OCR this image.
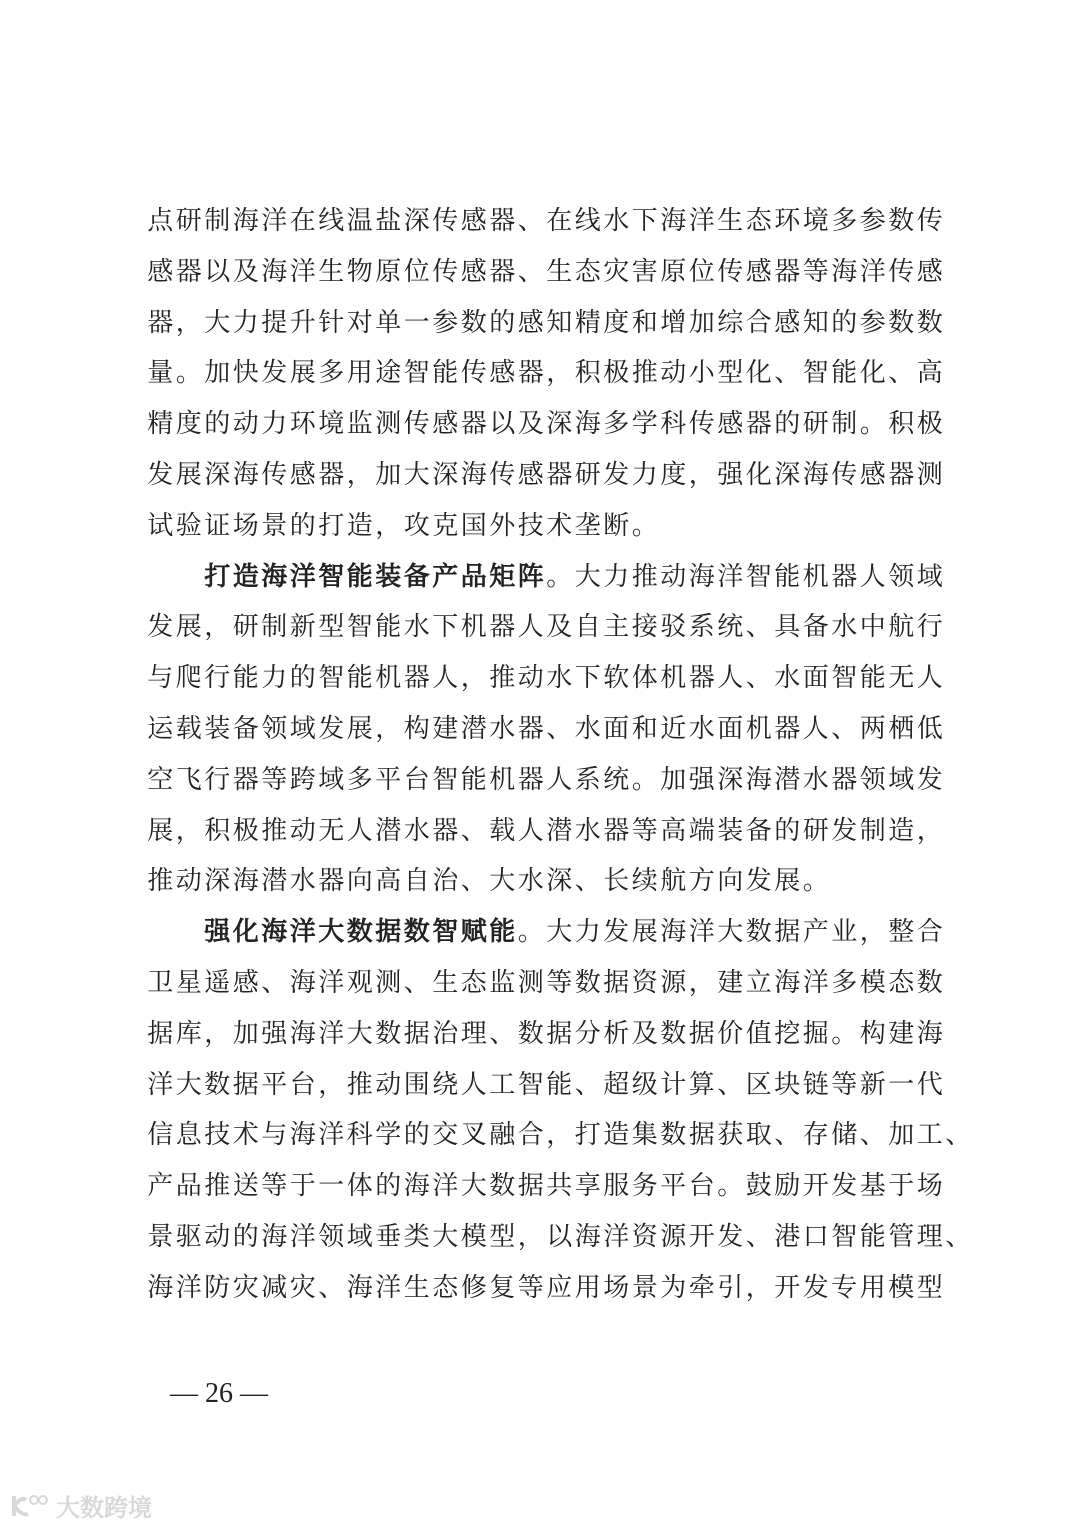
点 研 制 海 洋 在 线 温 盐 深 传 感 器 、 在 线 水 下 海 洋 生 态 环 境 多 参 数 传
感 器 以 及 海 洋 生 物 原 位 传 感 器 、 生 态 灾 害 原 位 传 感 器 等 海 洋 传 感
器 ， 大 力 提 升 针 对 单 一 参 数 的 感 知 精 度 和 增 加 综 合 感 知 的 参 数 数
量 。 加 快 发 展 多 用 途 智 能 传 感 器 ， 积 极 推 动 小 型 化 、 智 能 化 、 高
精 度 的 动 力 环 境 监 测 传 感 器 以 及 深 海 多 学 科 传 感 器 的 研 制 。 积 极
发 展 深 海 传 感 器 ， 加 大 深 海 传 感 器 研 发 力 度 ， 强 化 深 海 传 感 器 测
试 验 证 场 景 的 打 造 ， 攻 克 国 外 技 术 垄 断 。
打 造 海 洋 智 能 装 备 产 品 矩 阵 。 大 力 推 动 海 洋 智 能 机 器 人 领 域
发 展 ， 研 制 新 型 智 能 水 下 机 器 人 及 自 主 接 驳 系 统 、 具 备 水 中 航 行
与 爬 行 能 力 的 智 能 机 器 人 ， 推 动 水 下 软 体 机 器 人 、 水 面 智 能 无 人
运 载 装 备 领 域 发 展 ， 构 建 潜 水 器 、 水 面 和 近 水 面 机 器 人 、 两 栖 低
空 飞 行 器 等 跨 域 多 平 台 智 能 机 器 人 系 统 。 加 强 深 海 潜 水 器 领 域 发
展 ， 积 极 推 动 无 人 潜 水 器 、 载 人 潜 水 器 等 高 端 装 备 的 研 发 制 造 ，
推 动 深 海 潜 水 器 向 高 自 治 、 大 水 深 、 长 续 航 方 向 发 展 。
强 化 海 洋 大 数 据 数 智 赋 能 。 大 力 发 展 海 洋 大 数 据 产 业 ， 整 合
卫 星 遥 感 、 海 洋 观 测 、 生 态 监 测 等 数 据 资 源 ， 建 立 海 洋 多 模 态 数
据 库 ， 加 强 海 洋 大 数 据 治 理 、 数 据 分 析 及 数 据 价 值 挖 掘 。 构 建 海
洋 大 数 据 平 台 ， 推 动 围 绕 人 工 智 能 、 超 级 计 算 、 区 块 链 等 新 一 代
信 息 技 术 与 海 洋 科 学 的 交 叉 融 合 ， 打 造 集 数 据 获 取 、 存 储 、 加 工 、
产 品 推 送 等 于 一 体 的 海 洋 大 数 据 共 享 服 务 平 台 。 鼓 励 开 发 基 于 场
景 驱 动 的 海 洋 领 域 垂 类 大 模 型 ， 以 海 洋 资 源 开 发 、 港 口 智 能 管 理 、
海 洋 防 灾 减 灾 、 海 洋 生 态 修 复 等 应 用 场 景 为 牵 引 ， 开 发 专 用 模 型
— 26 —
大数跨境
